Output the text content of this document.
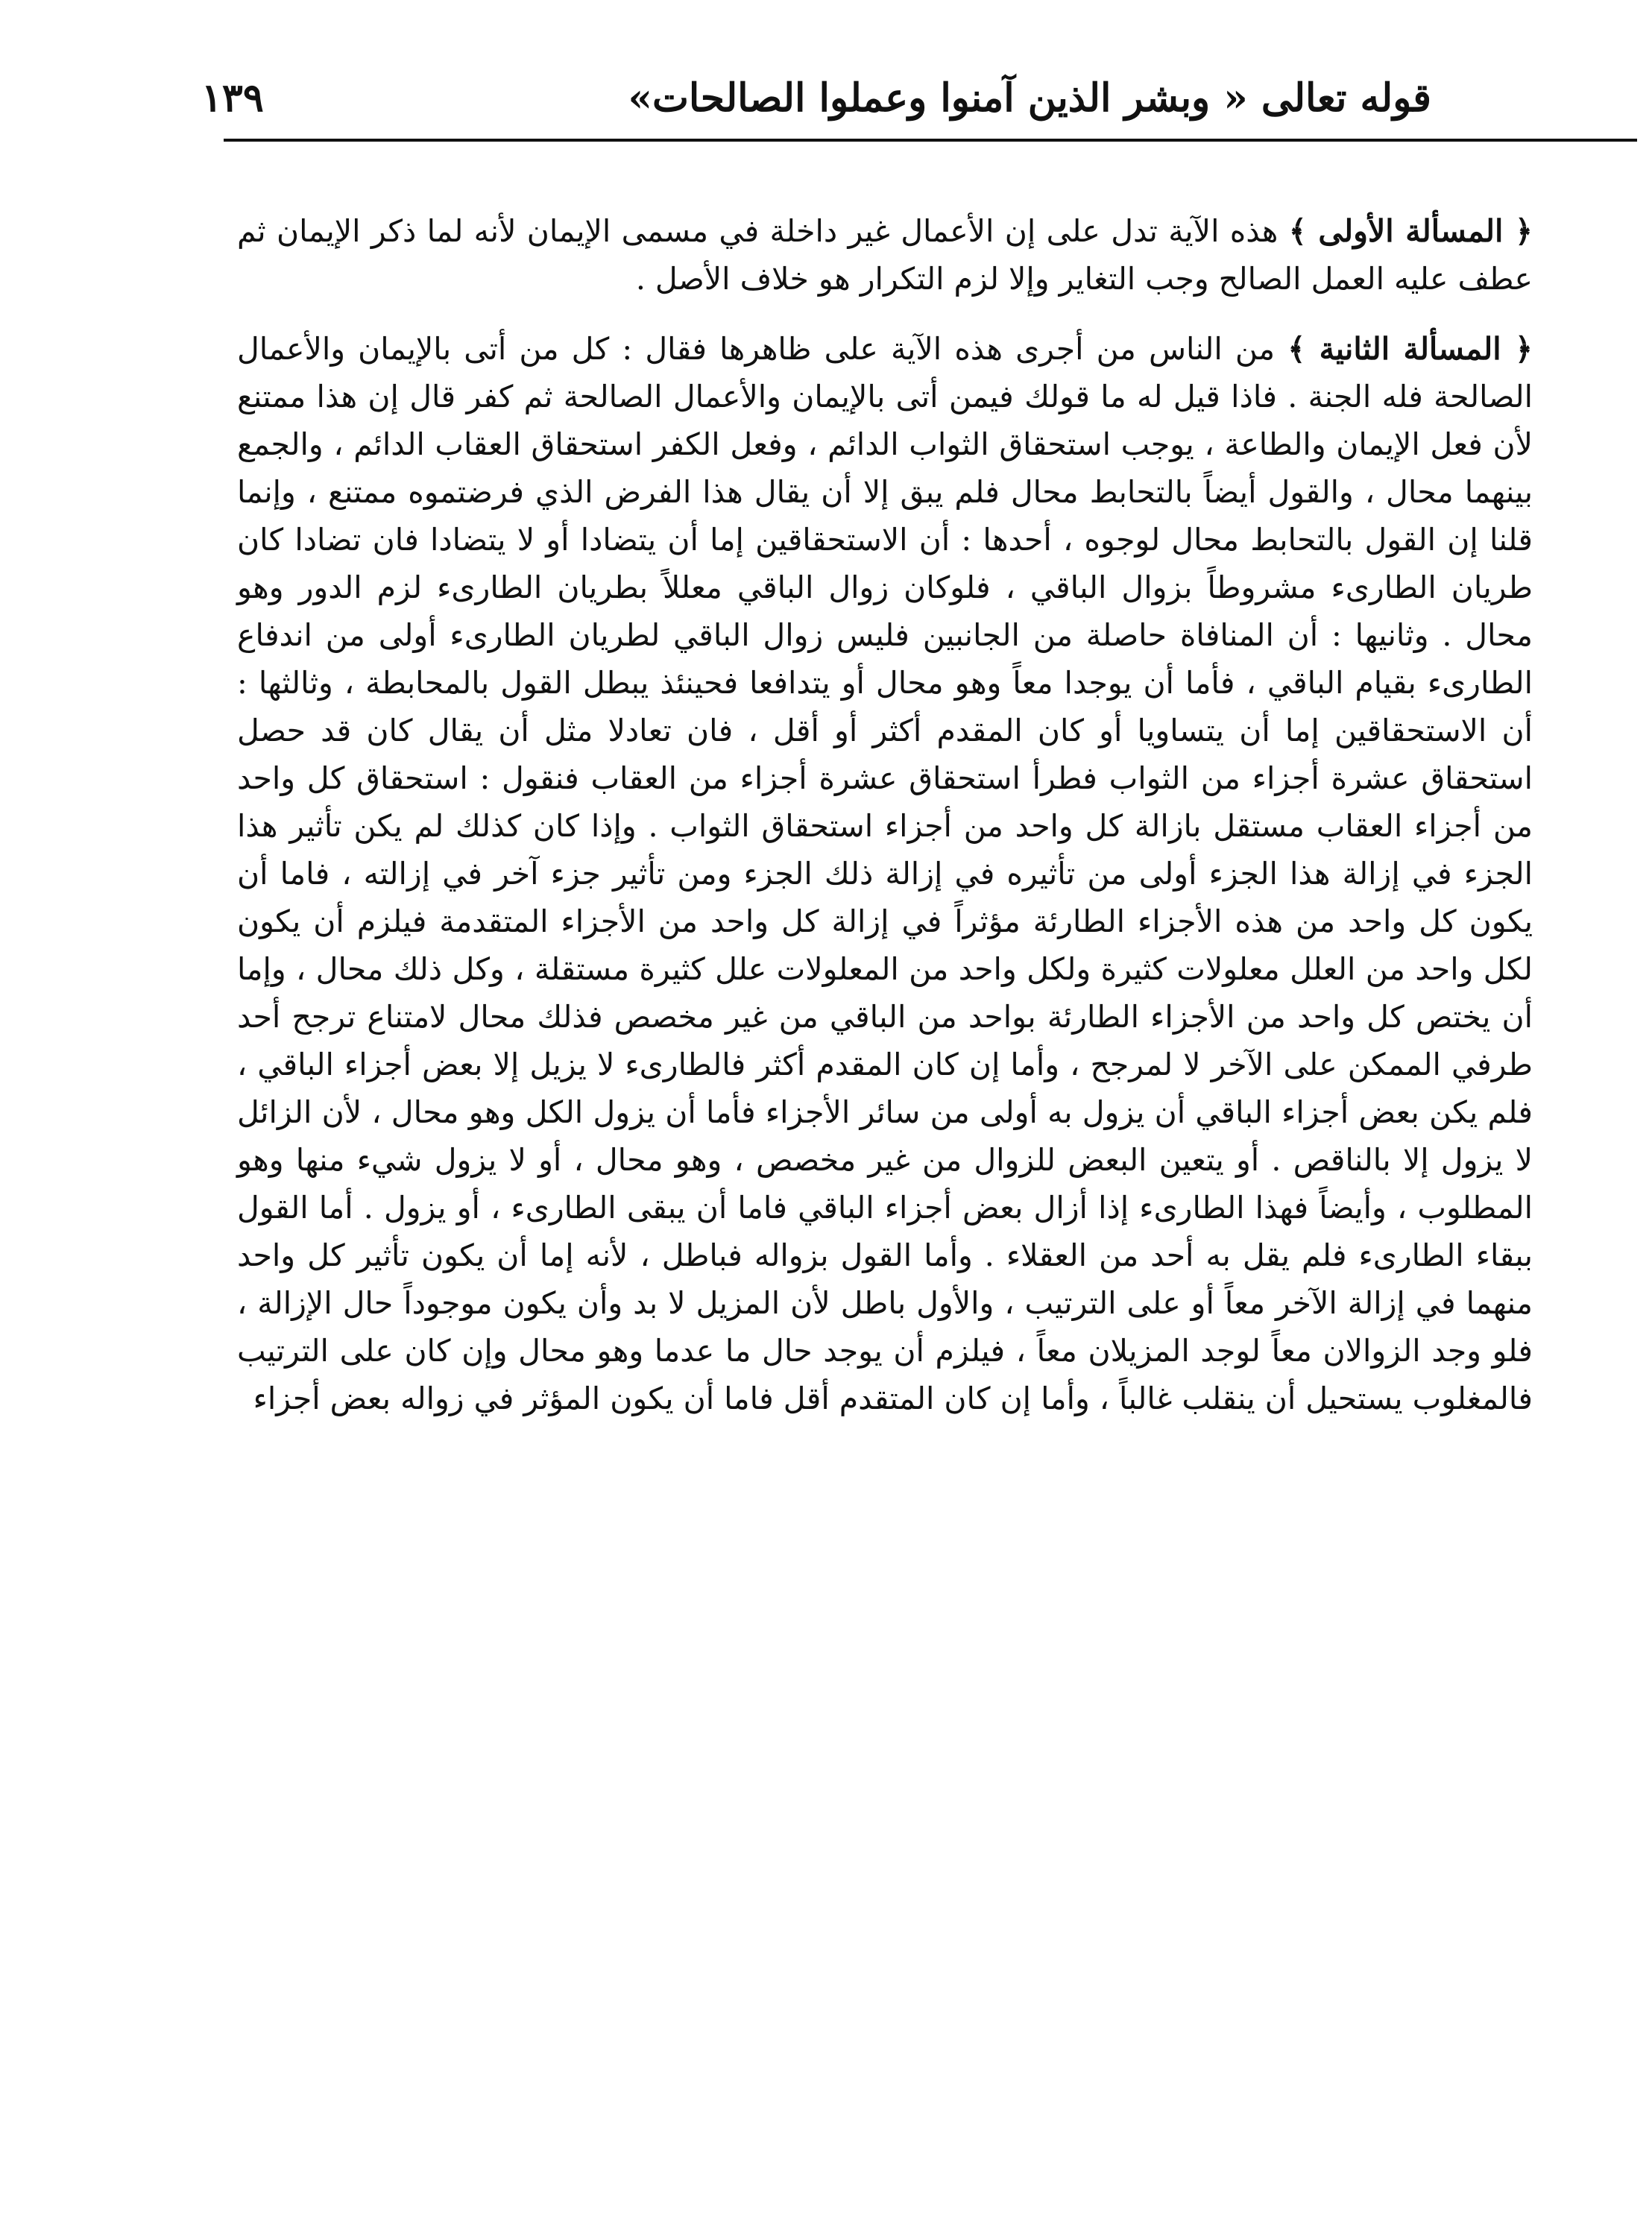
قوله تعالى « وبشر الذين آمنوا وعملوا الصالحات»
١٣٩

﴿ المسألة الأولى ﴾ هذه الآية تدل على إن الأعمال غير داخلة في مسمى الإيمان لأنه لما ذكر الإيمان ثم عطف عليه العمل الصالح وجب التغاير وإلا لزم التكرار هو خلاف الأصل .

﴿ المسألة الثانية ﴾ من الناس من أجرى هذه الآية على ظاهرها فقال : كل من أتى بالإيمان والأعمال الصالحة فله الجنة . فاذا قيل له ما قولك فيمن أتى بالإيمان والأعمال الصالحة ثم كفر قال إن هذا ممتنع لأن فعل الإيمان والطاعة ، يوجب استحقاق الثواب الدائم ، وفعل الكفر استحقاق العقاب الدائم ، والجمع بينهما محال ، والقول أيضاً بالتحابط محال فلم يبق إلا أن يقال هذا الفرض الذي فرضتموه ممتنع ، وإنما قلنا إن القول بالتحابط محال لوجوه ، أحدها : أن الاستحقاقين إما أن يتضادا أو لا يتضادا فان تضادا كان طريان الطارىء مشروطاً بزوال الباقي ، فلوكان زوال الباقي معللاً بطريان الطارىء لزم الدور وهو محال . وثانيها : أن المنافاة حاصلة من الجانبين فليس زوال الباقي لطريان الطارىء أولى من اندفاع الطارىء بقيام الباقي ، فأما أن يوجدا معاً وهو محال أو يتدافعا فحينئذ يبطل القول بالمحابطة ، وثالثها : أن الاستحقاقين إما أن يتساويا أو كان المقدم أكثر أو أقل ، فان تعادلا مثل أن يقال كان قد حصل استحقاق عشرة أجزاء من الثواب فطرأ استحقاق عشرة أجزاء من العقاب فنقول : استحقاق كل واحد من أجزاء العقاب مستقل بازالة كل واحد من أجزاء استحقاق الثواب . وإذا كان كذلك لم يكن تأثير هذا الجزء في إزالة هذا الجزء أولى من تأثيره في إزالة ذلك الجزء ومن تأثير جزء آخر في إزالته ، فاما أن يكون كل واحد من هذه الأجزاء الطارئة مؤثراً في إزالة كل واحد من الأجزاء المتقدمة فيلزم أن يكون لكل واحد من العلل معلولات كثيرة ولكل واحد من المعلولات علل كثيرة مستقلة ، وكل ذلك محال ، وإما أن يختص كل واحد من الأجزاء الطارئة بواحد من الباقي من غير مخصص فذلك محال لامتناع ترجح أحد طرفي الممكن على الآخر لا لمرجح ، وأما إن كان المقدم أكثر فالطارىء لا يزيل إلا بعض أجزاء الباقي ، فلم يكن بعض أجزاء الباقي أن يزول به أولى من سائر الأجزاء فأما أن يزول الكل وهو محال ، لأن الزائل لا يزول إلا بالناقص . أو يتعين البعض للزوال من غير مخصص ، وهو محال ، أو لا يزول شيء منها وهو المطلوب ، وأيضاً فهذا الطارىء إذا أزال بعض أجزاء الباقي فاما أن يبقى الطارىء ، أو يزول . أما القول ببقاء الطارىء فلم يقل به أحد من العقلاء . وأما القول بزواله فباطل ، لأنه إما أن يكون تأثير كل واحد منهما في إزالة الآخر معاً أو على الترتيب ، والأول باطل لأن المزيل لا بد وأن يكون موجوداً حال الإزالة ، فلو وجد الزوالان معاً لوجد المزيلان معاً ، فيلزم أن يوجد حال ما عدما وهو محال وإن كان على الترتيب فالمغلوب يستحيل أن ينقلب غالباً ، وأما إن كان المتقدم أقل فاما أن يكون المؤثر في زواله بعض أجزاء
